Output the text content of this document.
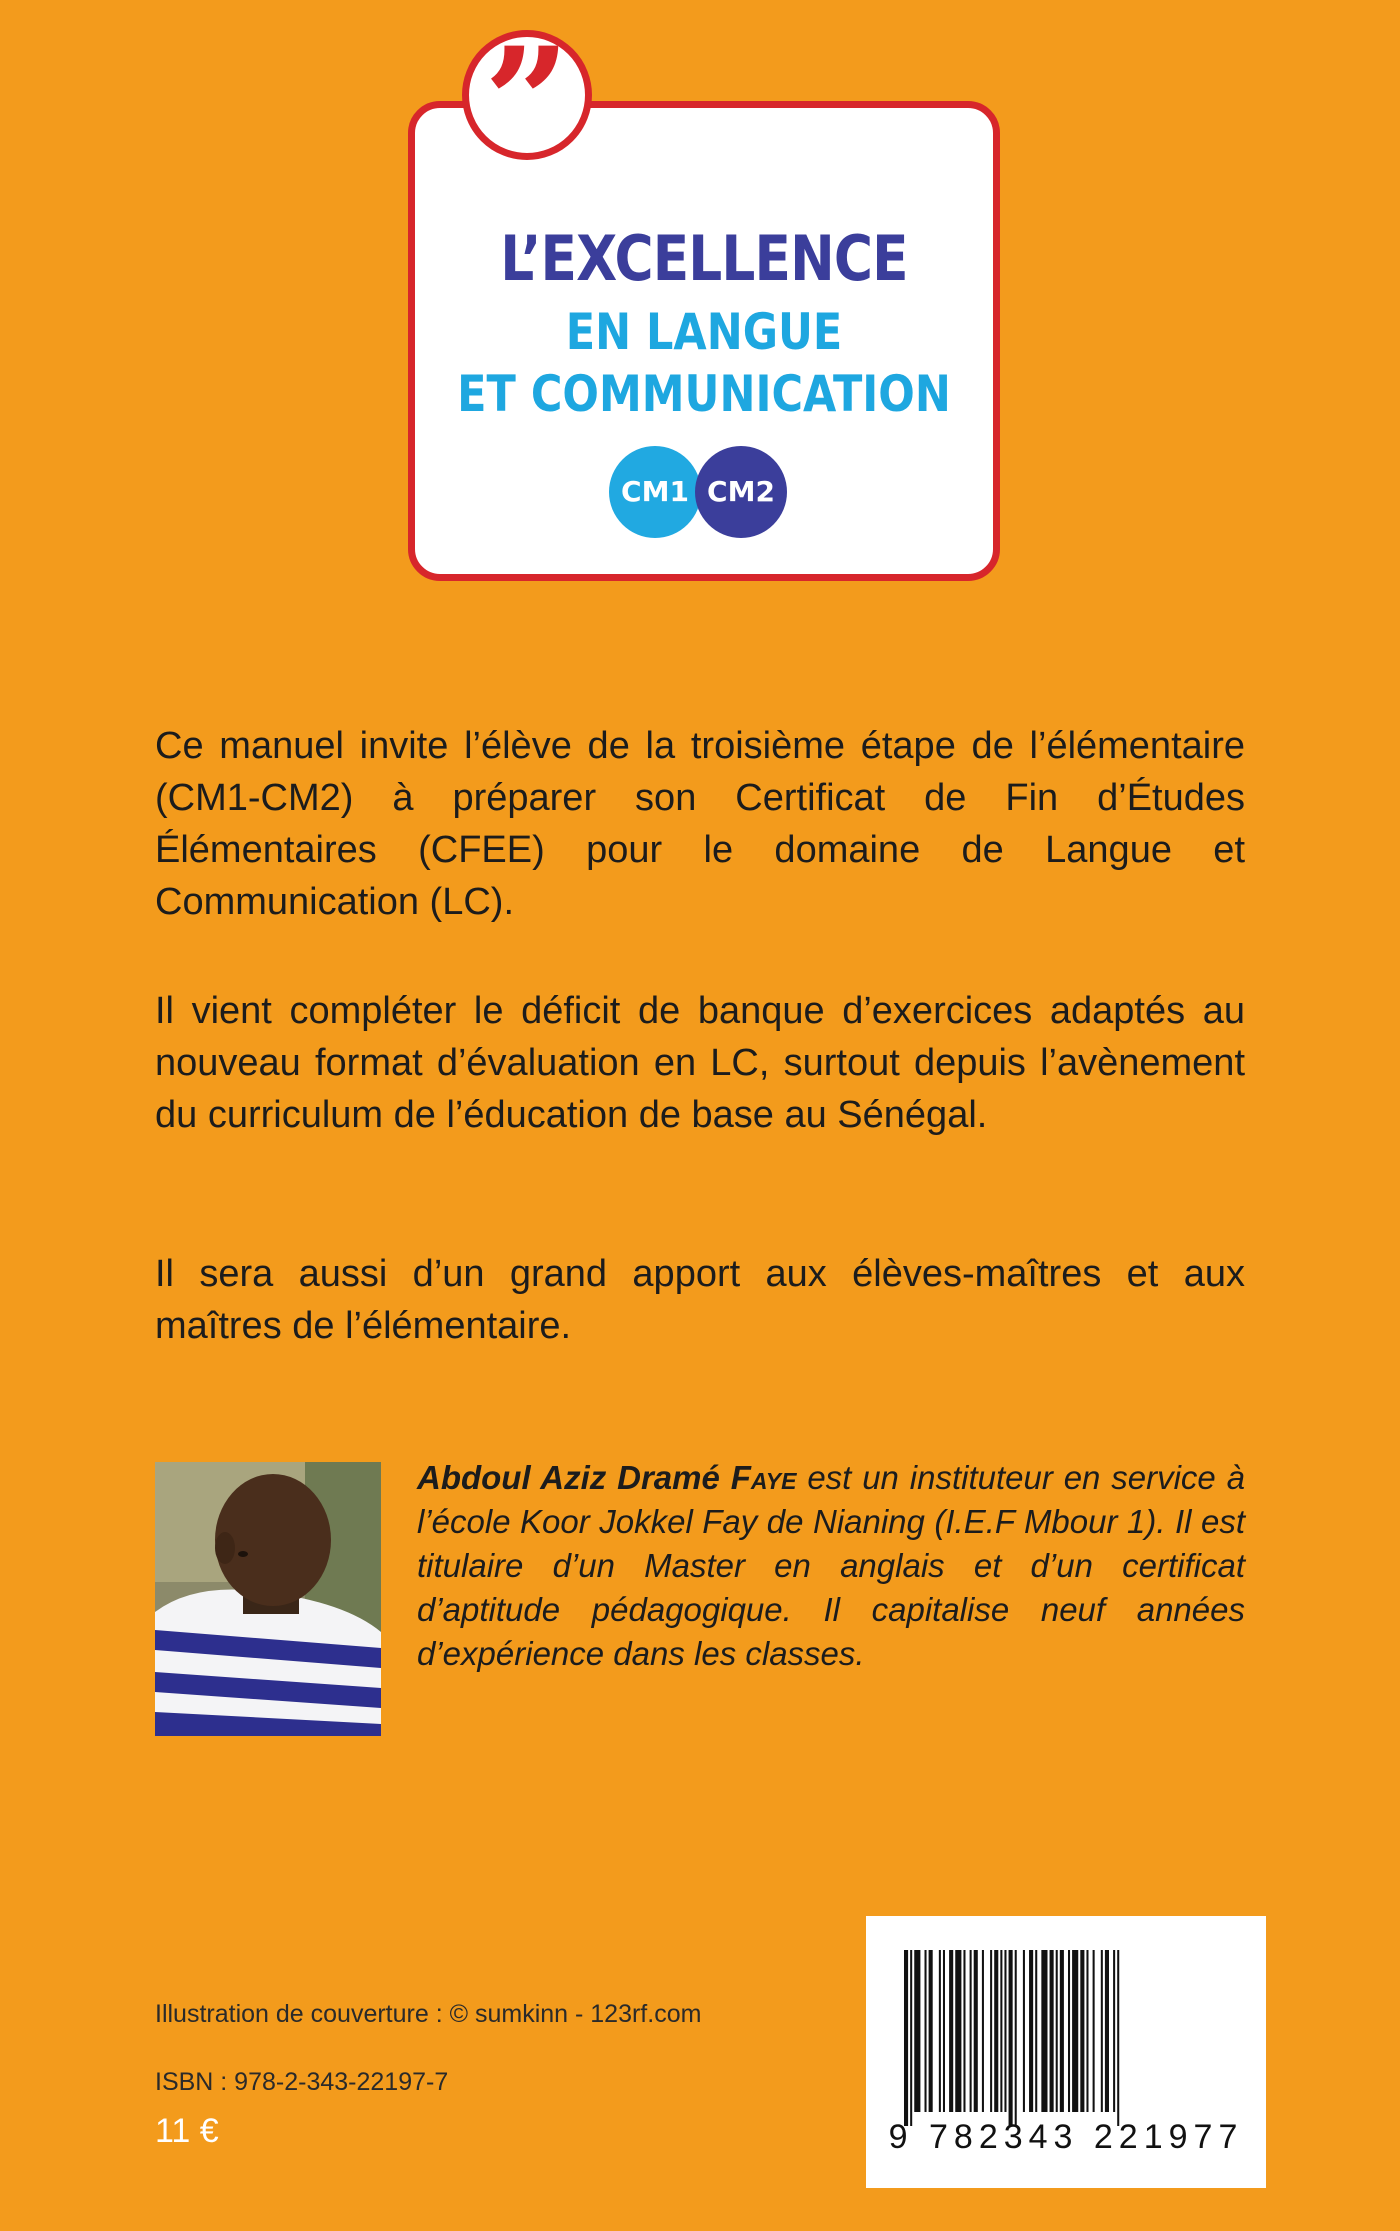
”
L’EXCELLENCE
EN LANGUE
ET COMMUNICATION
CM1 CM2
Ce manuel invite l’élève de la troisième étape de l’élémentaire (CM1-CM2) à préparer son Certificat de Fin d’Études Élémentaires (CFEE) pour le domaine de Langue et Communication (LC).
Il vient compléter le déficit de banque d’exercices adaptés au nouveau format d’évaluation en LC, surtout depuis l’avènement du curriculum de l’éducation de base au Sénégal.
Il sera aussi d’un grand apport aux élèves-maîtres et aux maîtres de l’élémentaire.
Abdoul Aziz Dramé Faye est un instituteur en service à l’école Koor Jokkel Fay de Nianing (I.E.F Mbour 1). Il est titulaire d’un Master en anglais et d’un certificat d’aptitude pédagogique. Il capitalise neuf années d’expérience dans les classes.
Illustration de couverture : © sumkinn - 123rf.com
ISBN : 978-2-343-22197-7
11 €	9 782343 221977
